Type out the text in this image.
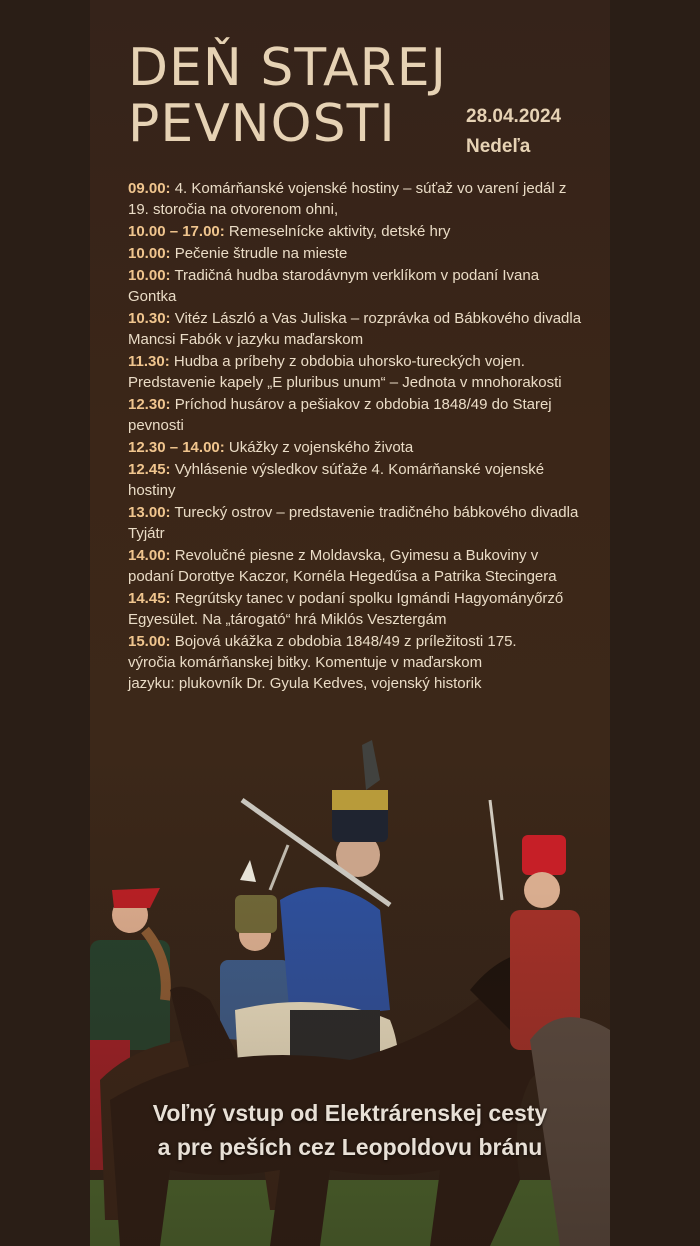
DEŇ STAREJ
PEVNOSTI	28.04.2024
Nedeľa
09.00: 4. Komárňanské vojenské hostiny – súťaž vo varení jedál z 19. storočia na otvorenom ohni,
10.00 – 17.00: Remeselnícke aktivity, detské hry
10.00: Pečenie štrudle na mieste
10.00: Tradičná hudba starodávnym verklíkom v podaní Ivana Gontka
10.30: Vitéz László a Vas Juliska – rozprávka od Bábkového divadla Mancsi Fabók v jazyku maďarskom
11.30: Hudba a príbehy z obdobia uhorsko-tureckých vojen. Predstavenie kapely „E pluribus unum“ – Jednota v mnohorakosti
12.30: Príchod husárov a pešiakov z obdobia 1848/49 do Starej pevnosti
12.30 – 14.00: Ukážky z vojenského života
12.45: Vyhlásenie výsledkov súťaže 4. Komárňanské vojenské hostiny
13.00: Turecký ostrov – predstavenie tradičného bábkového divadla Tyjátr
14.00: Revolučné piesne z Moldavska, Gyimesu a Bukoviny v podaní Dorottye Kaczor, Kornéla Hegedűsa a Patrika Stecingera
14.45: Regrútsky tanec v podaní spolku Igmándi Hagyományőrző Egyesület. Na „tárogató“ hrá Miklós Vesztergám
15.00: Bojová ukážka z obdobia 1848/49 z príležitosti 175. výročia komárňanskej bitky. Komentuje v maďarskom jazyku: plukovník Dr. Gyula Kedves, vojenský historik
Voľný vstup od Elektrárenskej cesty
a pre peších cez Leopoldovu bránu
